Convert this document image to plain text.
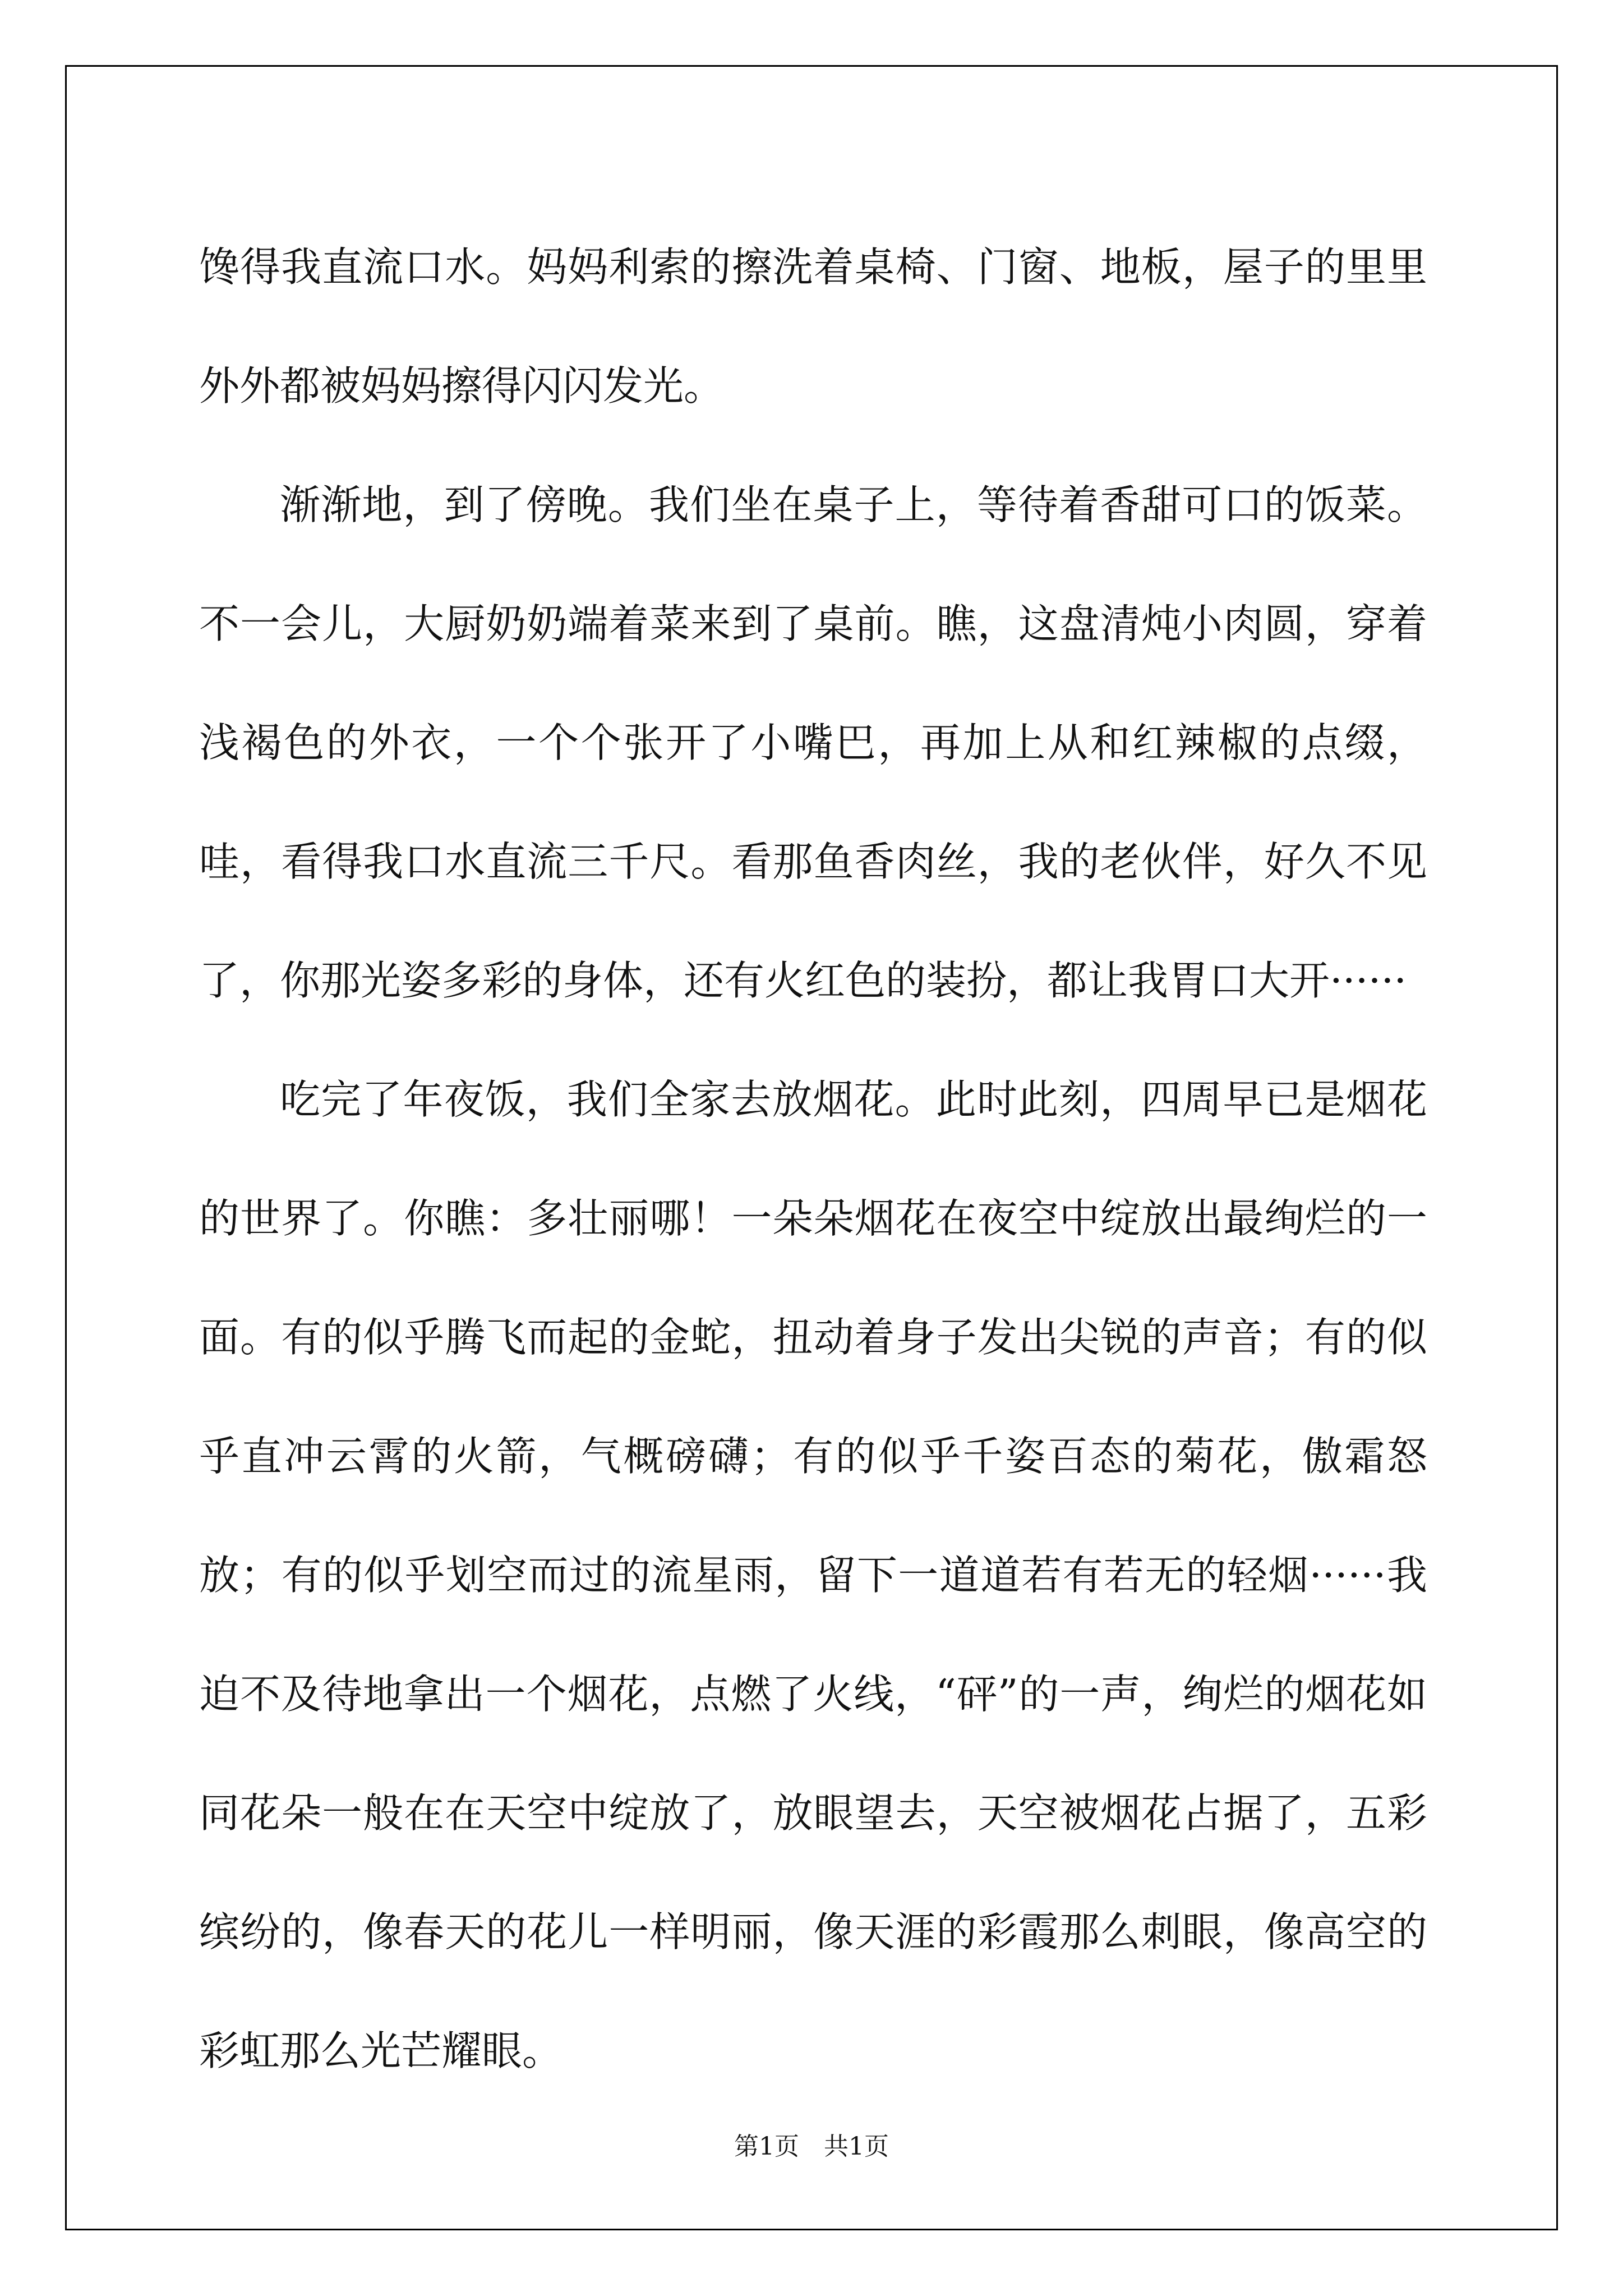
馋得我直流口水。妈妈利索的擦洗着桌椅、门窗、地板，屋子的里里外外都被妈妈擦得闪闪发光。

渐渐地，到了傍晚。我们坐在桌子上，等待着香甜可口的饭菜。不一会儿，大厨奶奶端着菜来到了桌前。瞧，这盘清炖小肉圆，穿着浅褐色的外衣，一个个张开了小嘴巴，再加上从和红辣椒的点缀，哇，看得我口水直流三千尺。看那鱼香肉丝，我的老伙伴，好久不见了，你那光姿多彩的身体，还有火红色的装扮，都让我胃口大开······

吃完了年夜饭，我们全家去放烟花。此时此刻，四周早已是烟花的世界了。你瞧：多壮丽哪！一朵朵烟花在夜空中绽放出最绚烂的一面。有的似乎腾飞而起的金蛇，扭动着身子发出尖锐的声音；有的似乎直冲云霄的火箭，气概磅礴；有的似乎千姿百态的菊花，傲霜怒放；有的似乎划空而过的流星雨，留下一道道若有若无的轻烟······我迫不及待地拿出一个烟花，点燃了火线，“砰”的一声，绚烂的烟花如同花朵一般在在天空中绽放了，放眼望去，天空被烟花占据了，五彩缤纷的，像春天的花儿一样明丽，像天涯的彩霞那么刺眼，像高空的彩虹那么光芒耀眼。

第1页　共1页
